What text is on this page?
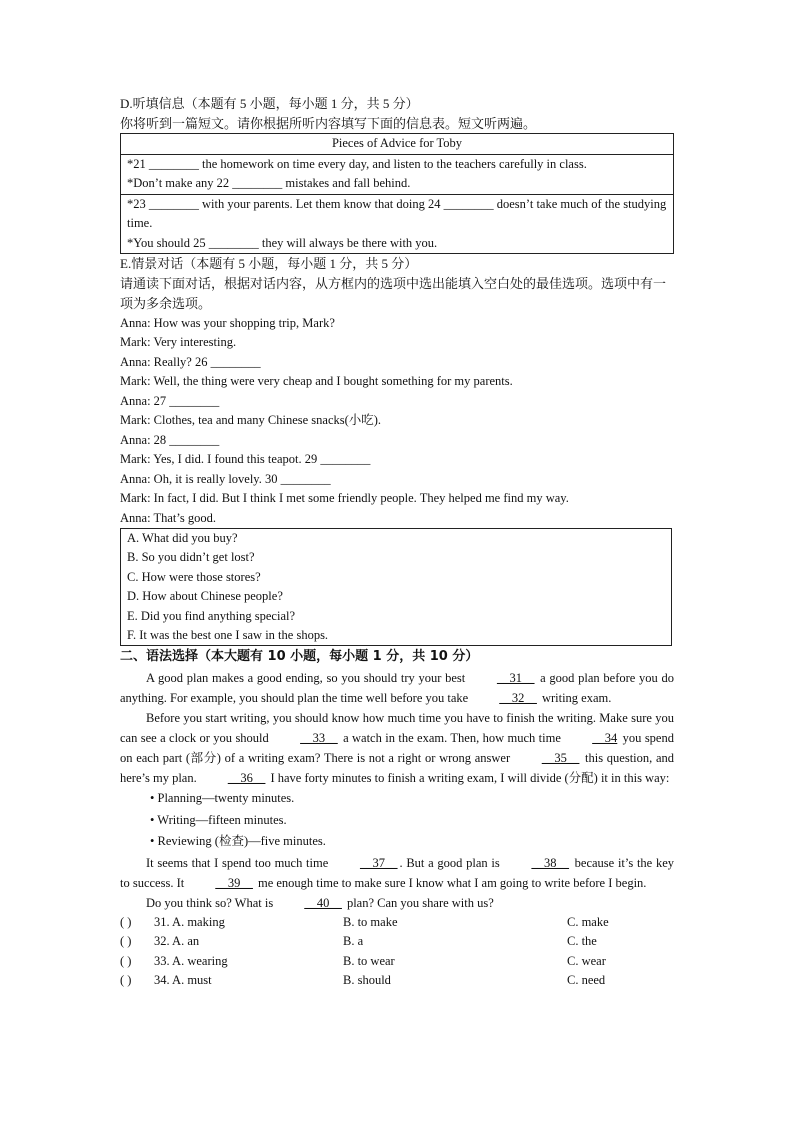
D.听填信息（本题有 5 小题，每小题 1 分，共 5 分）
你将听到一篇短文。请你根据所听内容填写下面的信息表。短文听两遍。
Pieces of Advice for Toby

*21 ________ the homework on time every day, and listen to the teachers carefully in class.
*Don’t make any 22 ________ mistakes and fall behind.

*23 ________ with your parents. Let them know that doing 24 ________ doesn’t take much of the studying time.
*You should 25 ________ they will always be there with you.
E.情景对话（本题有 5 小题，每小题 1 分，共 5 分）
请通读下面对话，根据对话内容，从方框内的选项中选出能填入空白处的最佳选项。选项中有一项为多余选项。
Anna: How was your shopping trip, Mark?
Mark: Very interesting.
Anna: Really? 26 ________
Mark: Well, the thing were very cheap and I bought something for my parents.
Anna: 27 ________
Mark: Clothes, tea and many Chinese snacks(小吃).
Anna: 28 ________
Mark: Yes, I did. I found this teapot. 29 ________
Anna: Oh, it is really lovely. 30 ________
Mark: In fact, I did. But I think I met some friendly people. They helped me find my way.
Anna: That’s good.
A. What did you buy?
B. So you didn’t get lost?
C. How were those stores?
D. How about Chinese people?
E. Did you find anything special?
F. It was the best one I saw in the shops.
二、语法选择（本大题有 10 小题，每小题 1 分，共 10 分）
A good plan makes a good ending, so you should try your best __31__ a good plan before you do anything. For example, you should plan the time well before you take __32__ writing exam.
Before you start writing, you should know how much time you have to finish the writing. Make sure you can see a clock or you should __33__ a watch in the exam. Then, how much time __34 you spend on each part (部分) of a writing exam? There is not a right or wrong answer __35__ this question, and here’s my plan. __36__ I have forty minutes to finish a writing exam, I will divide (分配) it in this way:
• Planning—twenty minutes.
• Writing—fifteen minutes.
• Reviewing (检查)—five minutes.
It seems that I spend too much time __37__ . But a good plan is __38__ because it’s the key to success. It __39__ me enough time to make sure I know what I am going to write before I begin.
Do you think so? What is __40__ plan? Can you share with us?
( ) 31. A. making	B. to make	C. make
( ) 32. A. an	B. a	C. the
( ) 33. A. wearing	B. to wear	C. wear
( ) 34. A. must	B. should	C. need
